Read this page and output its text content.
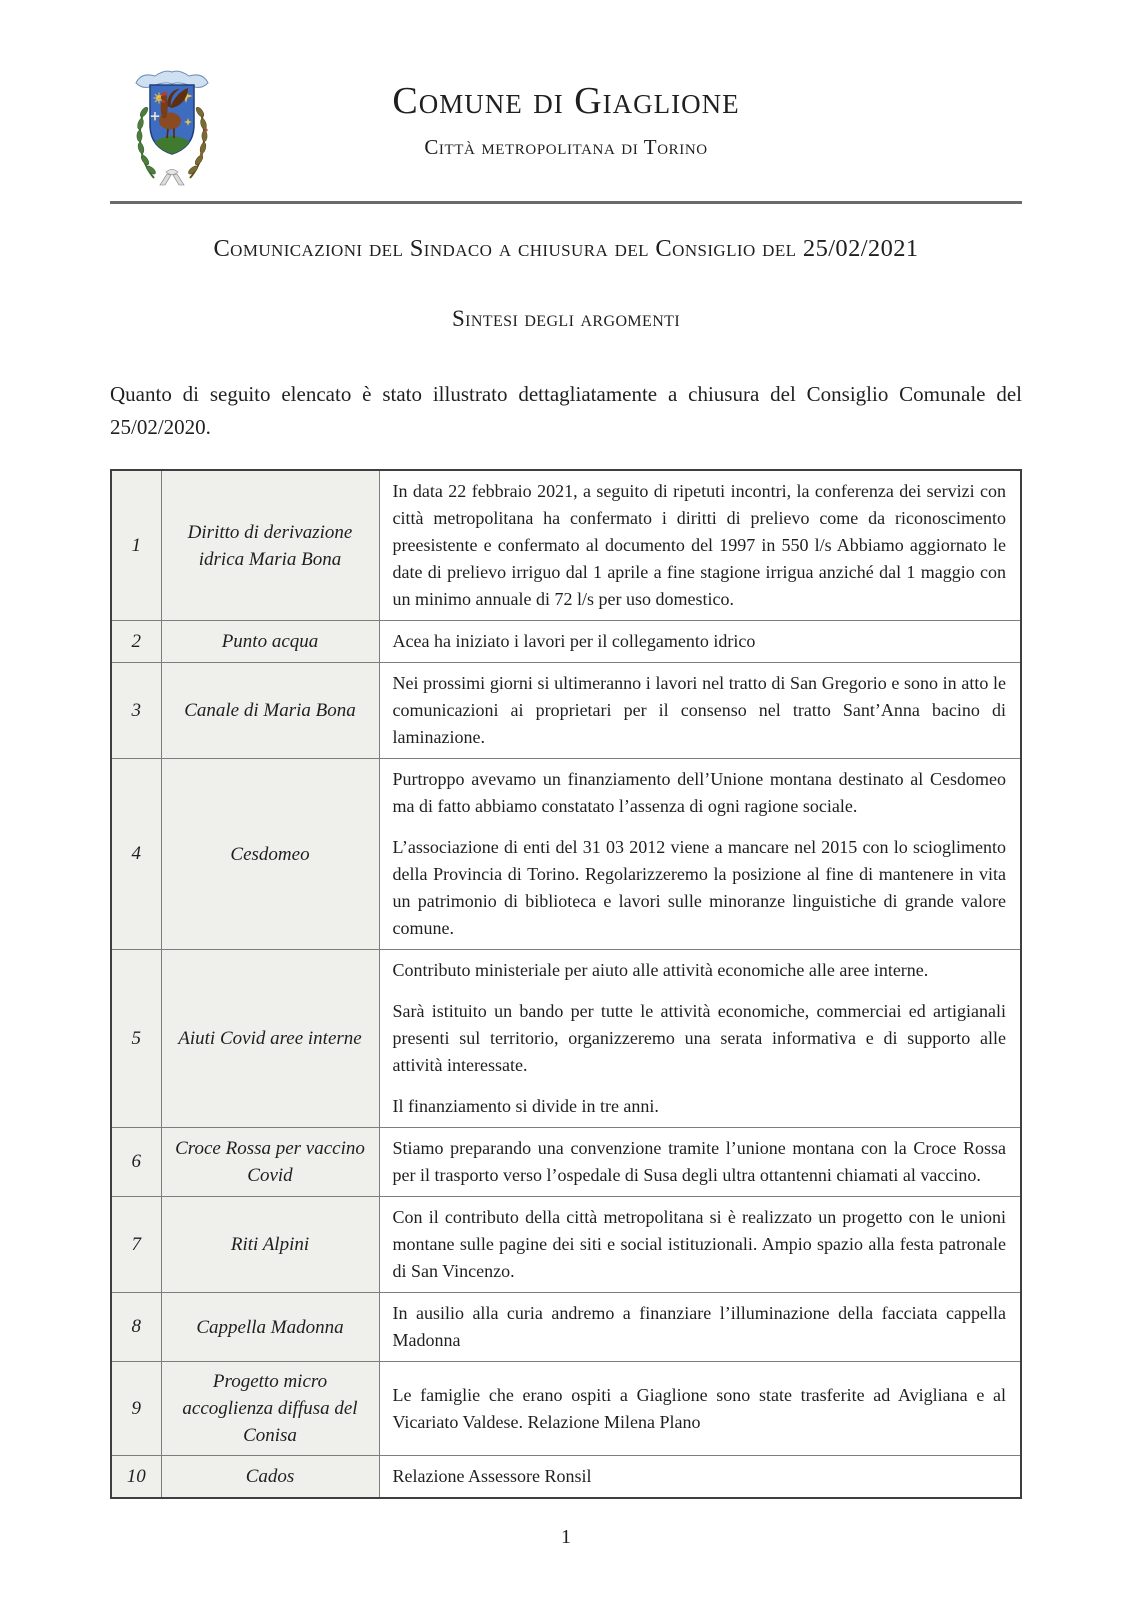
Comune di Giaglione
Città metropolitana di Torino
Comunicazioni del Sindaco a chiusura del Consiglio del 25/02/2021
Sintesi degli argomenti

Quanto di seguito elencato è stato illustrato dettagliatamente a chiusura del Consiglio Comunale del 25/02/2020.

1	Diritto di derivazione idrica Maria Bona	In data 22 febbraio 2021, a seguito di ripetuti incontri, la conferenza dei servizi con città metropolitana ha confermato i diritti di prelievo come da riconoscimento preesistente e confermato al documento del 1997 in 550 l/s Abbiamo aggiornato le date di prelievo irriguo dal 1 aprile a fine stagione irrigua anziché dal 1 maggio con un minimo annuale di 72 l/s per uso domestico.

2	Punto acqua	Acea ha iniziato i lavori per il collegamento idrico

3	Canale di Maria Bona	Nei prossimi giorni si ultimeranno i lavori nel tratto di San Gregorio e sono in atto le comunicazioni ai proprietari per il consenso nel tratto Sant’Anna bacino di laminazione.

4	Cesdomeo	Purtroppo avevamo un finanziamento dell’Unione montana destinato al Cesdomeo ma di fatto abbiamo constatato l’assenza di ogni ragione sociale.

L’associazione di enti del 31 03 2012 viene a mancare nel 2015 con lo scioglimento della Provincia di Torino. Regolarizzeremo la posizione al fine di mantenere in vita un patrimonio di biblioteca e lavori sulle minoranze linguistiche di grande valore comune.

5	Aiuti Covid aree interne	Contributo ministeriale per aiuto alle attività economiche alle aree interne.

Sarà istituito un bando per tutte le attività economiche, commerciai ed artigianali presenti sul territorio, organizzeremo una serata informativa e di supporto alle attività interessate.

Il finanziamento si divide in tre anni.

6	Croce Rossa per vaccino Covid	Stiamo preparando una convenzione tramite l’unione montana con la Croce Rossa per il trasporto verso l’ospedale di Susa degli ultra ottantenni chiamati al vaccino.

7	Riti Alpini	Con il contributo della città metropolitana si è realizzato un progetto con le unioni montane sulle pagine dei siti e social istituzionali. Ampio spazio alla festa patronale di San Vincenzo.

8	Cappella Madonna	In ausilio alla curia andremo a finanziare l’illuminazione della facciata cappella Madonna

9	Progetto micro accoglienza diffusa del Conisa	Le famiglie che erano ospiti a Giaglione sono state trasferite ad Avigliana e al Vicariato Valdese. Relazione Milena Plano

10	Cados	Relazione Assessore Ronsil

1
